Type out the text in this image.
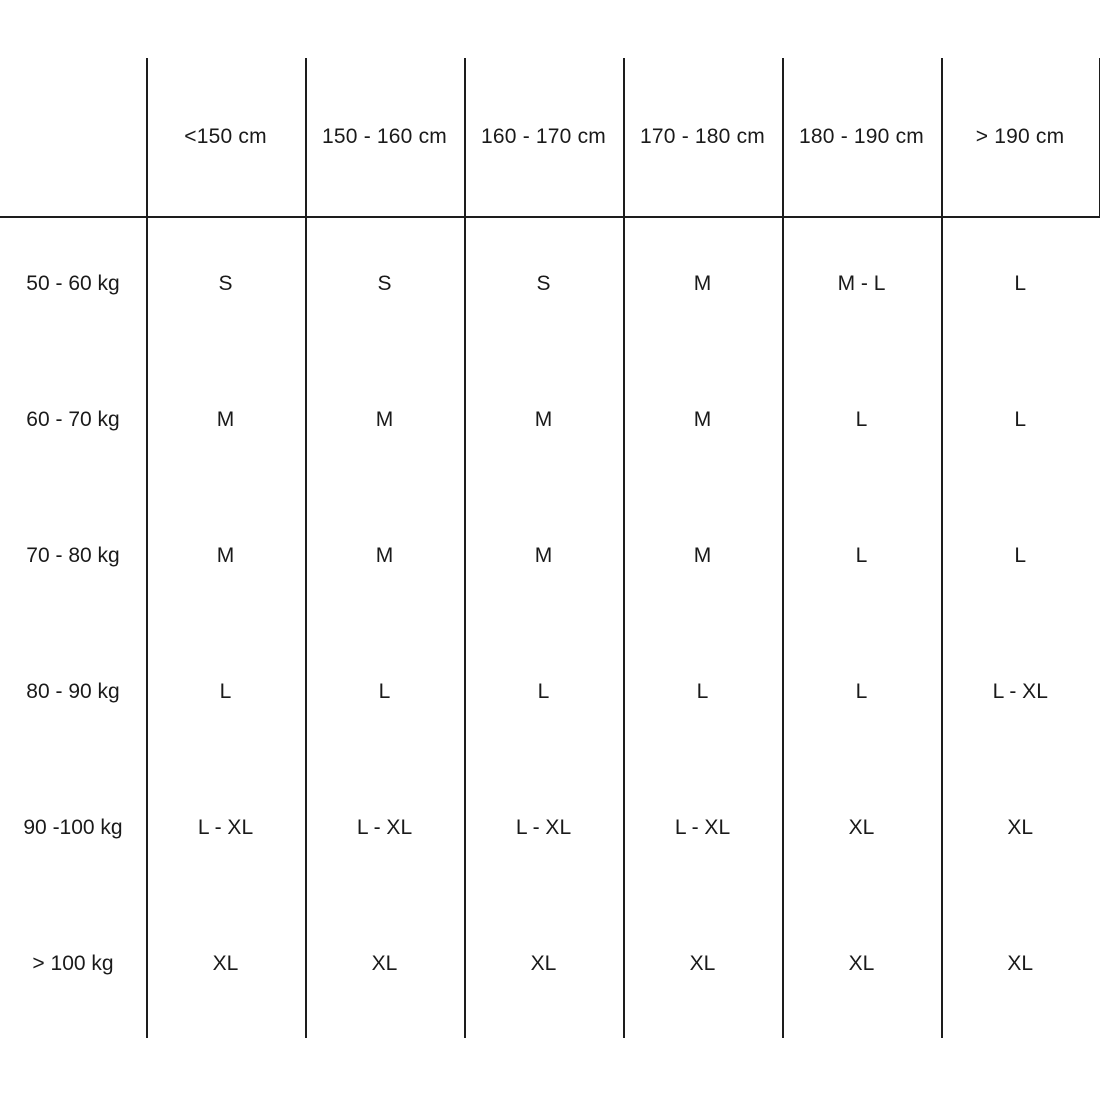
	<150 cm	150 - 160 cm	160 - 170 cm	170 - 180 cm	180 - 190 cm	> 190 cm
50 - 60 kg	S	S	S	M	M - L	L
60 - 70 kg	M	M	M	M	L	L
70 - 80 kg	M	M	M	M	L	L
80 - 90 kg	L	L	L	L	L	L - XL
90 -100 kg	L - XL	L - XL	L - XL	L - XL	XL	XL
> 100 kg	XL	XL	XL	XL	XL	XL
